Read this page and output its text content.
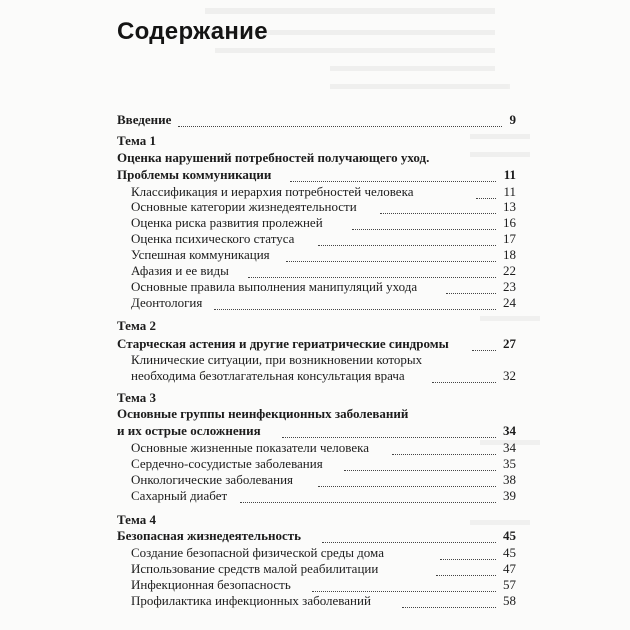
Содержание
Введение	9
Тема 1
Оценка нарушений потребностей получающего уход.
Проблемы коммуникации	11
Классификация и иерархия потребностей человека	11
Основные категории жизнедеятельности	13
Оценка риска развития пролежней	16
Оценка психического статуса	17
Успешная коммуникация	18
Афазия и ее виды	22
Основные правила выполнения манипуляций ухода	23
Деонтология	24
Тема 2
Старческая астения и другие гериатрические синдромы	27
Клинические ситуации, при возникновении которых
необходима безотлагательная консультация врача	32
Тема 3
Основные группы неинфекционных заболеваний
и их острые осложнения	34
Основные жизненные показатели человека	34
Сердечно-сосудистые заболевания	35
Онкологические заболевания	38
Сахарный диабет	39
Тема 4
Безопасная жизнедеятельность	45
Создание безопасной физической среды дома	45
Использование средств малой реабилитации	47
Инфекционная безопасность	57
Профилактика инфекционных заболеваний	58
